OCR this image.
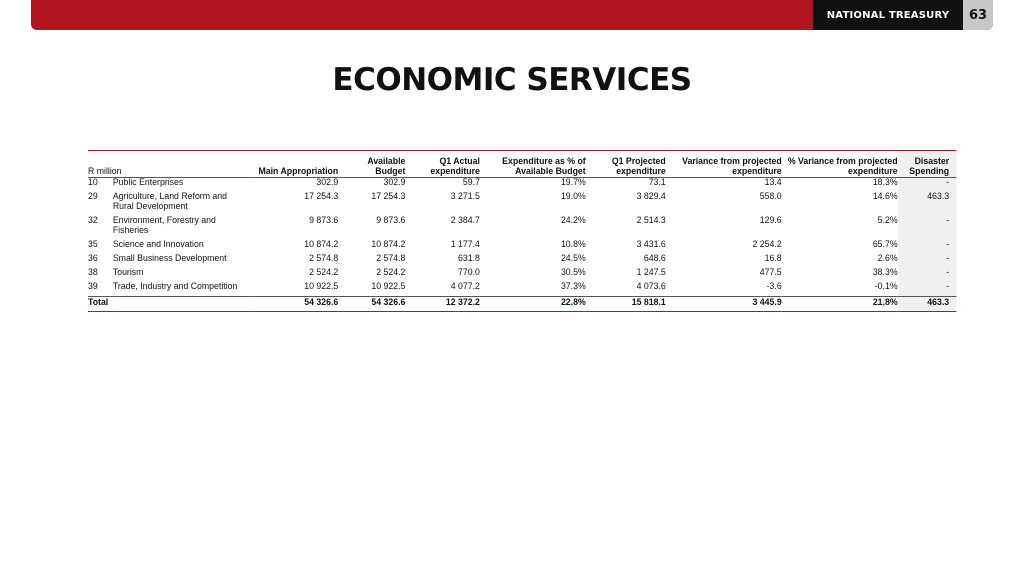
NATIONAL TREASURY	63
ECONOMIC SERVICES
R million		Main Appropriation	Available Budget	Q1 Actual expenditure	Expenditure as % of Available Budget	Q1 Projected expenditure	Variance from projected expenditure	% Variance from projected expenditure	Disaster Spending
10	Public Enterprises	302.9	302.9	59.7	19.7%	73.1	13.4	18.3%	-
29	Agriculture, Land Reform and Rural Development	17 254.3	17 254.3	3 271.5	19.0%	3 829.4	558.0	14.6%	463.3
32	Environment, Forestry and Fisheries	9 873.6	9 873.6	2 384.7	24.2%	2 514.3	129.6	5.2%	-
35	Science and Innovation	10 874.2	10 874.2	1 177.4	10.8%	3 431.6	2 254.2	65.7%	-
36	Small Business Development	2 574.8	2 574.8	631.8	24.5%	648.6	16.8	2.6%	-
38	Tourism	2 524.2	2 524.2	770.0	30.5%	1 247.5	477.5	38.3%	-
39	Trade, Industry and Competition	10 922.5	10 922.5	4 077.2	37.3%	4 073.6	-3.6	-0.1%	-
Total		54 326.6	54 326.6	12 372.2	22.8%	15 818.1	3 445.9	21.8%	463.3
